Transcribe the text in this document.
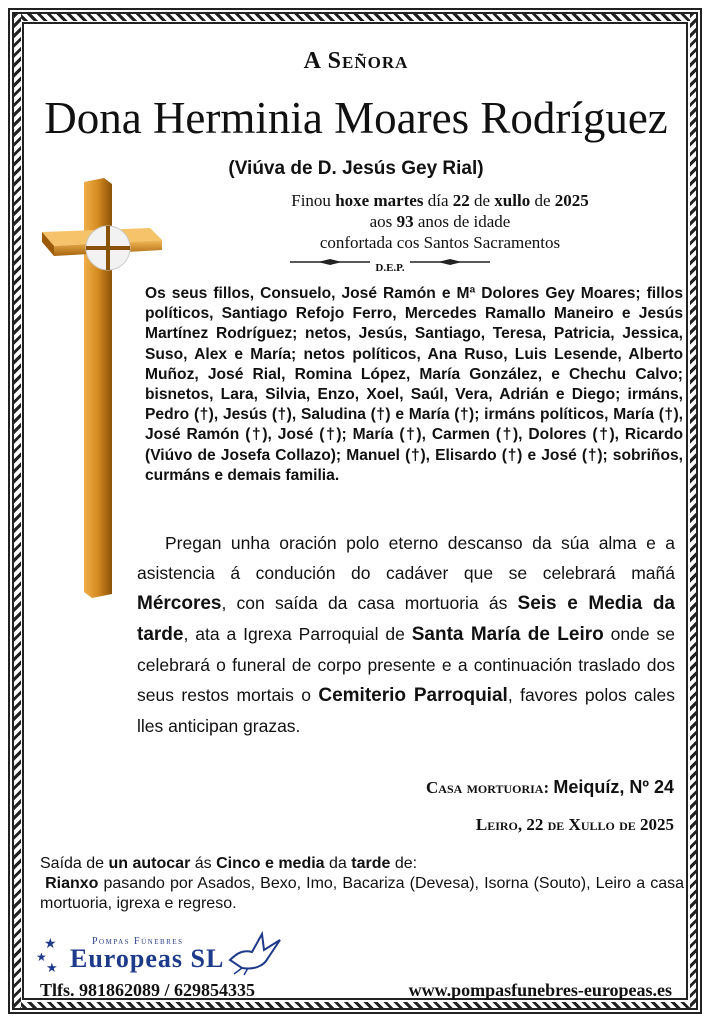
A Señora
Dona Herminia Moares Rodríguez
(Viúva de D. Jesús Gey Rial)
Finou hoxe martes día 22 de xullo de 2025
aos 93 anos de idade
confortada cos Santos Sacramentos
D.E.P.
Os seus fillos, Consuelo, José Ramón e Mª Dolores Gey Moares; fillos políticos, Santiago Refojo Ferro, Mercedes Ramallo Maneiro e Jesús Martínez Rodríguez; netos, Jesús, Santiago, Teresa, Patricia, Jessica, Suso, Alex e María; netos políticos, Ana Ruso, Luis Lesende, Alberto Muñoz, José Rial, Romina López, María González, e Chechu Calvo; bisnetos, Lara, Silvia, Enzo, Xoel, Saúl, Vera, Adrián e Diego; irmáns, Pedro (†), Jesús (†), Saludina (†) e María (†); irmáns políticos, María (†), José Ramón (†), José (†); María (†), Carmen (†), Dolores (†), Ricardo (Viúvo de Josefa Collazo); Manuel (†), Elisardo (†) e José (†); sobriños, curmáns e demais familia.
Pregan unha oración polo eterno descanso da súa alma e a asistencia á condución do cadáver que se celebrará mañá Mércores, con saída da casa mortuoria ás Seis e Media da tarde, ata a Igrexa Parroquial de Santa María de Leiro onde se celebrará o funeral de corpo presente e a continuación traslado dos seus restos mortais o Cemiterio Parroquial, favores polos cales lles anticipan grazas.
Casa mortuoria: Meiquíz, Nº 24
Leiro, 22 de Xullo de 2025
Saída de un autocar ás Cinco e media da tarde de:
Rianxo pasando por Asados, Bexo, Imo, Bacariza (Devesa), Isorna (Souto), Leiro a casa mortuoria, igrexa e regreso.
★
★
★
Pompas Fúnebres
Europeas SL
Tlfs. 981862089 / 629854335	www.pompasfunebres-europeas.es
